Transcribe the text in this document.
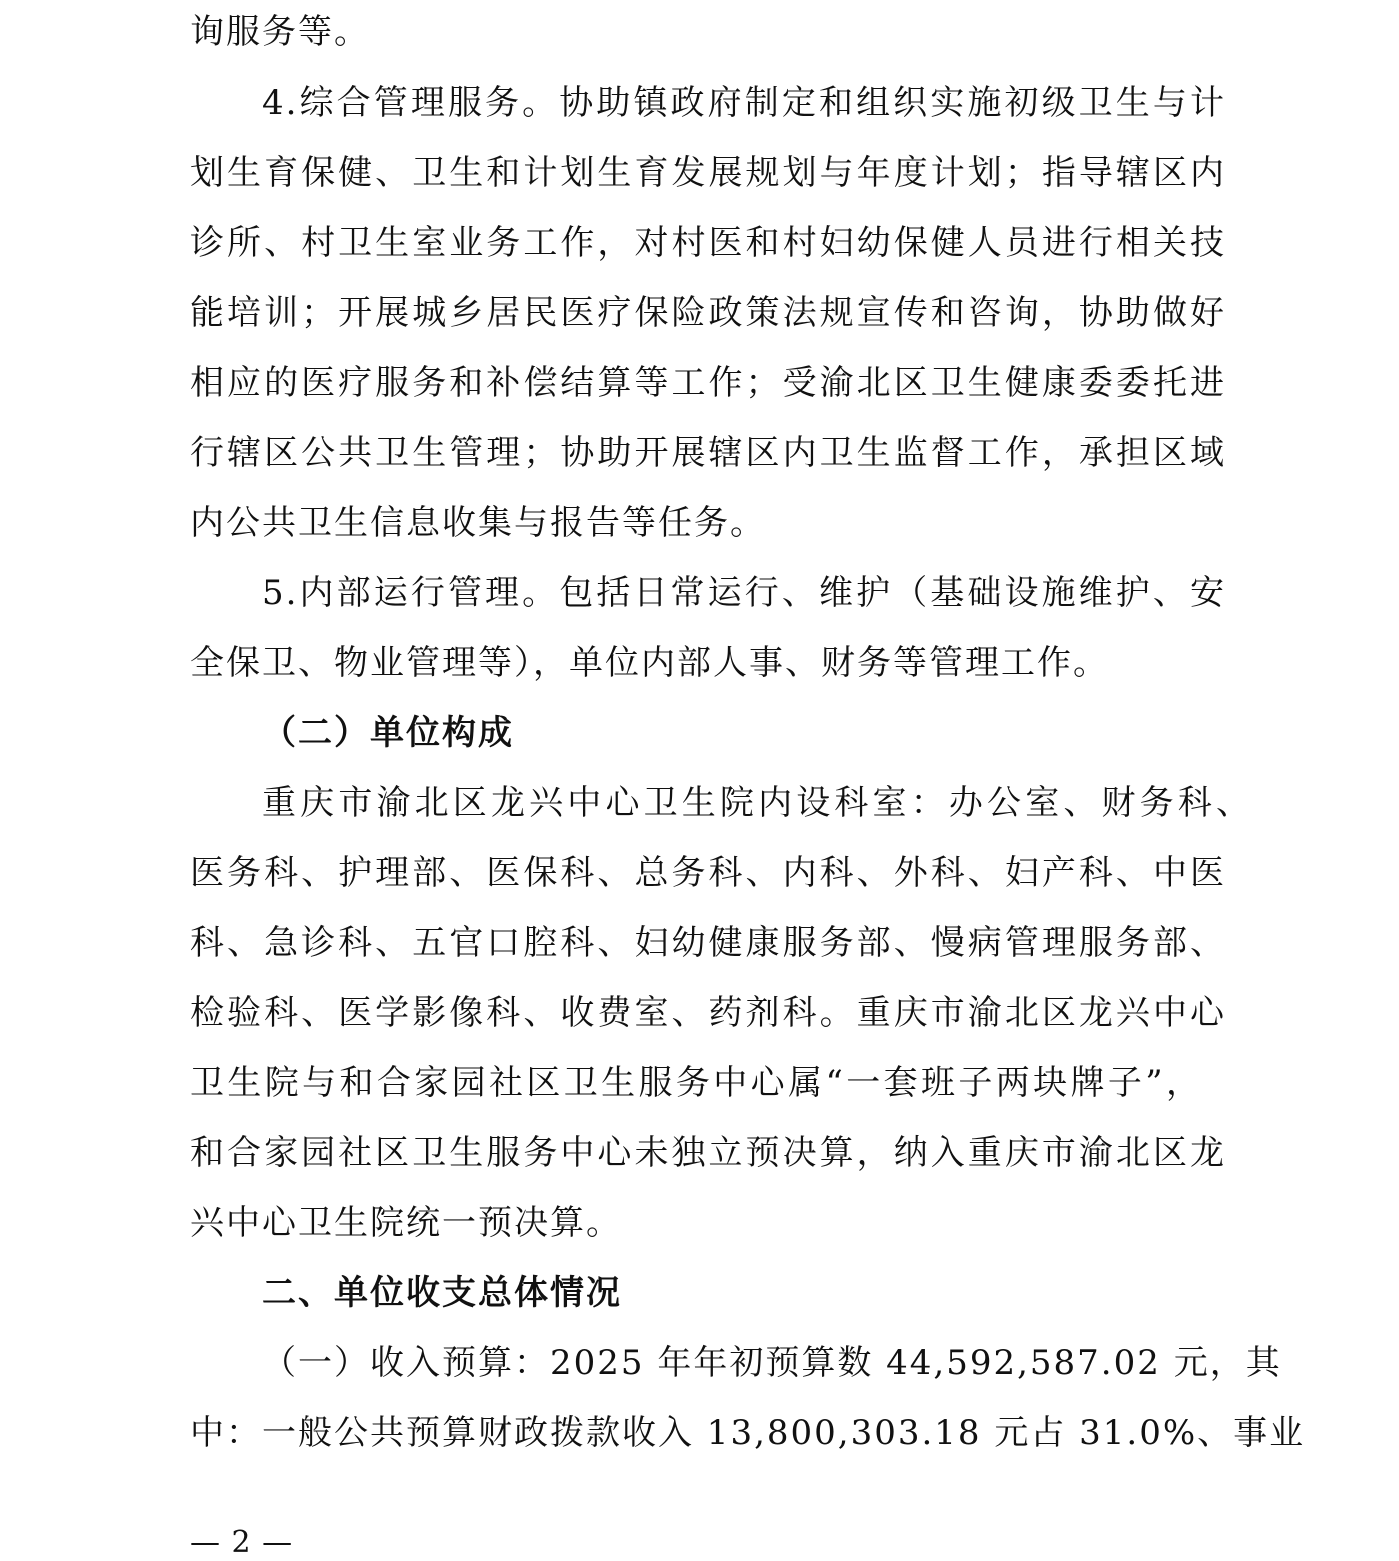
询服务等。
4.综合管理服务。协助镇政府制定和组织实施初级卫生与计
划生育保健、卫生和计划生育发展规划与年度计划；指导辖区内
诊所、村卫生室业务工作，对村医和村妇幼保健人员进行相关技
能培训；开展城乡居民医疗保险政策法规宣传和咨询，协助做好
相应的医疗服务和补偿结算等工作；受渝北区卫生健康委委托进
行辖区公共卫生管理；协助开展辖区内卫生监督工作，承担区域
内公共卫生信息收集与报告等任务。
5.内部运行管理。包括日常运行、维护（基础设施维护、安
全保卫、物业管理等），单位内部人事、财务等管理工作。
（二）单位构成
重庆市渝北区龙兴中心卫生院内设科室：办公室、财务科、
医务科、护理部、医保科、总务科、内科、外科、妇产科、中医
科、急诊科、五官口腔科、妇幼健康服务部、慢病管理服务部、
检验科、医学影像科、收费室、药剂科。重庆市渝北区龙兴中心
卫生院与和合家园社区卫生服务中心属“一套班子两块牌子”，
和合家园社区卫生服务中心未独立预决算，纳入重庆市渝北区龙
兴中心卫生院统一预决算。
二、单位收支总体情况
（一）收入预算：2025 年年初预算数 44,592,587.02 元，其
中：一般公共预算财政拨款收入 13,800,303.18 元占 31.0%、事业
— 2 —
